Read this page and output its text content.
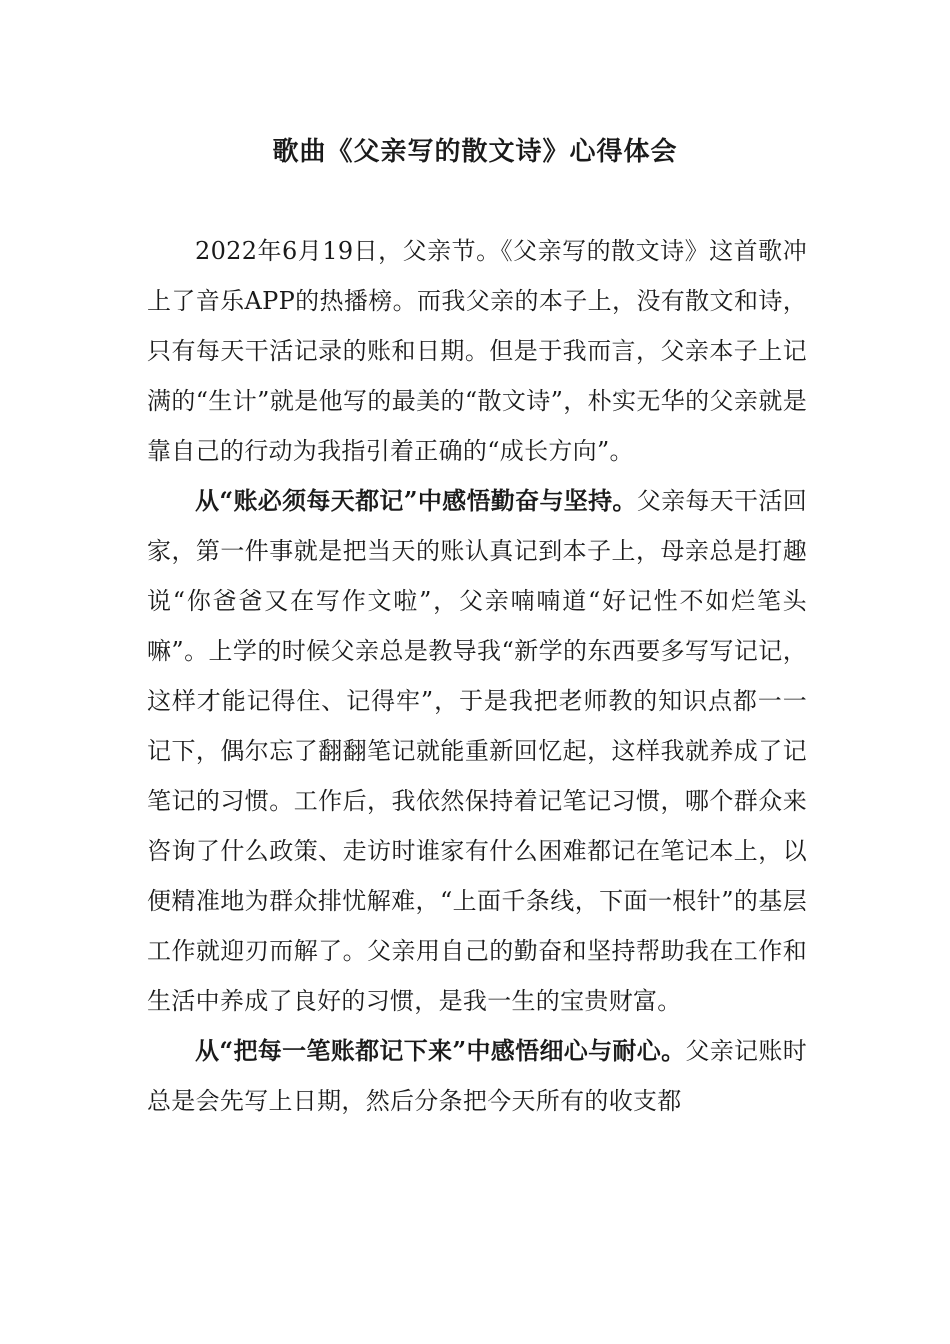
歌曲《父亲写的散文诗》心得体会

2022年6月19日，父亲节。《父亲写的散文诗》这首歌冲上了音乐APP的热播榜。而我父亲的本子上，没有散文和诗，只有每天干活记录的账和日期。但是于我而言，父亲本子上记满的“生计”就是他写的最美的“散文诗”，朴实无华的父亲就是靠自己的行动为我指引着正确的“成长方向”。

从“账必须每天都记”中感悟勤奋与坚持。父亲每天干活回家，第一件事就是把当天的账认真记到本子上，母亲总是打趣说“你爸爸又在写作文啦”，父亲喃喃道“好记性不如烂笔头嘛”。上学的时候父亲总是教导我“新学的东西要多写写记记，这样才能记得住、记得牢”，于是我把老师教的知识点都一一记下，偶尔忘了翻翻笔记就能重新回忆起，这样我就养成了记笔记的习惯。工作后，我依然保持着记笔记习惯，哪个群众来咨询了什么政策、走访时谁家有什么困难都记在笔记本上，以便精准地为群众排忧解难，“上面千条线，下面一根针”的基层工作就迎刃而解了。父亲用自己的勤奋和坚持帮助我在工作和生活中养成了良好的习惯，是我一生的宝贵财富。

从“把每一笔账都记下来”中感悟细心与耐心。父亲记账时总是会先写上日期，然后分条把今天所有的收支都
